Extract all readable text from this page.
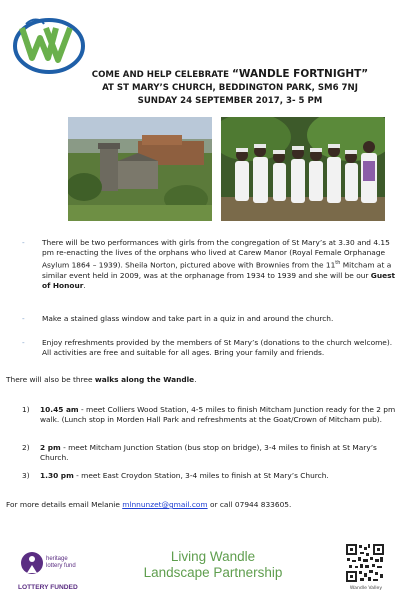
COME AND HELP CELEBRATE “WANDLE FORTNIGHT”
AT ST MARY’S CHURCH, BEDDINGTON PARK, SM6 7NJ
SUNDAY 24 SEPTEMBER 2017, 3- 5 PM
- There will be two performances with girls from the congregation of St Mary’s at 3.30 and 4.15 pm re-enacting the lives of the orphans who lived at Carew Manor (Royal Female Orphanage Asylum 1864 – 1939). Sheila Norton, pictured above with Brownies from the 11th Mitcham at a similar event held in 2009, was at the orphanage from 1934 to 1939 and she will be our Guest of Honour.
- Make a stained glass window and take part in a quiz in and around the church.
- Enjoy refreshments provided by the members of St Mary’s (donations to the church welcome). All activities are free and suitable for all ages. Bring your family and friends.
There will also be three walks along the Wandle.
1) 10.45 am - meet Colliers Wood Station, 4-5 miles to finish Mitcham Junction ready for the 2 pm walk. (Lunch stop in Morden Hall Park and refreshments at the Goat/Crown of Mitcham pub).
2) 2 pm - meet Mitcham Junction Station (bus stop on bridge), 3-4 miles to finish at St Mary’s Church.
3) 1.30 pm - meet East Croydon Station, 3-4 miles to finish at St Mary’s Church.
For more details email Melanie mlnnunzet@gmail.com or call 07944 833605.
heritage
lottery fund
LOTTERY FUNDED
Living Wandle
Landscape Partnership
Wandle Valley
